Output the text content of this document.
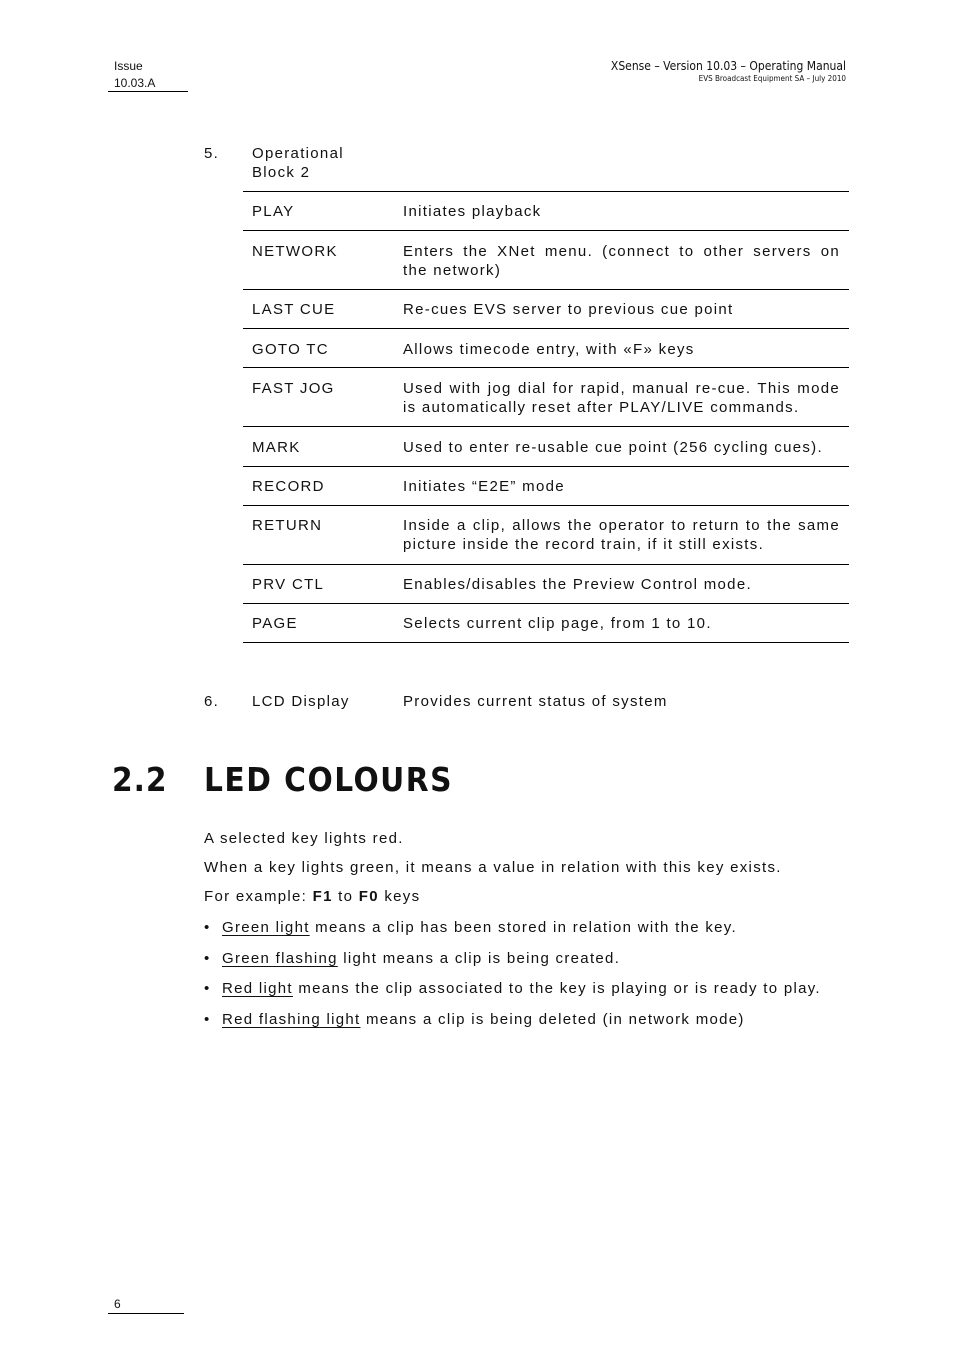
Issue
10.03.A
XSense – Version 10.03 – Operating Manual
EVS Broadcast Equipment SA – July 2010
5. Operational
Block 2
PLAY	Initiates playback
NETWORK	Enters the XNet menu. (connect to other servers on the network)
LAST CUE	Re-cues EVS server to previous cue point
GOTO TC	Allows timecode entry, with «F» keys
FAST JOG	Used with jog dial for rapid, manual re-cue. This mode is automatically reset after PLAY/LIVE commands.
MARK	Used to enter re-usable cue point (256 cycling cues).
RECORD	Initiates “E2E” mode
RETURN	Inside a clip, allows the operator to return to the same picture inside the record train, if it still exists.
PRV CTL	Enables/disables the Preview Control mode.
PAGE	Selects current clip page, from 1 to 10.
6. LCD Display	Provides current status of system
2.2 LED COLOURS
A selected key lights red.
When a key lights green, it means a value in relation with this key exists.
For example: F1 to F0 keys
• Green light means a clip has been stored in relation with the key.
• Green flashing light means a clip is being created.
• Red light means the clip associated to the key is playing or is ready to play.
• Red flashing light means a clip is being deleted (in network mode)
6
